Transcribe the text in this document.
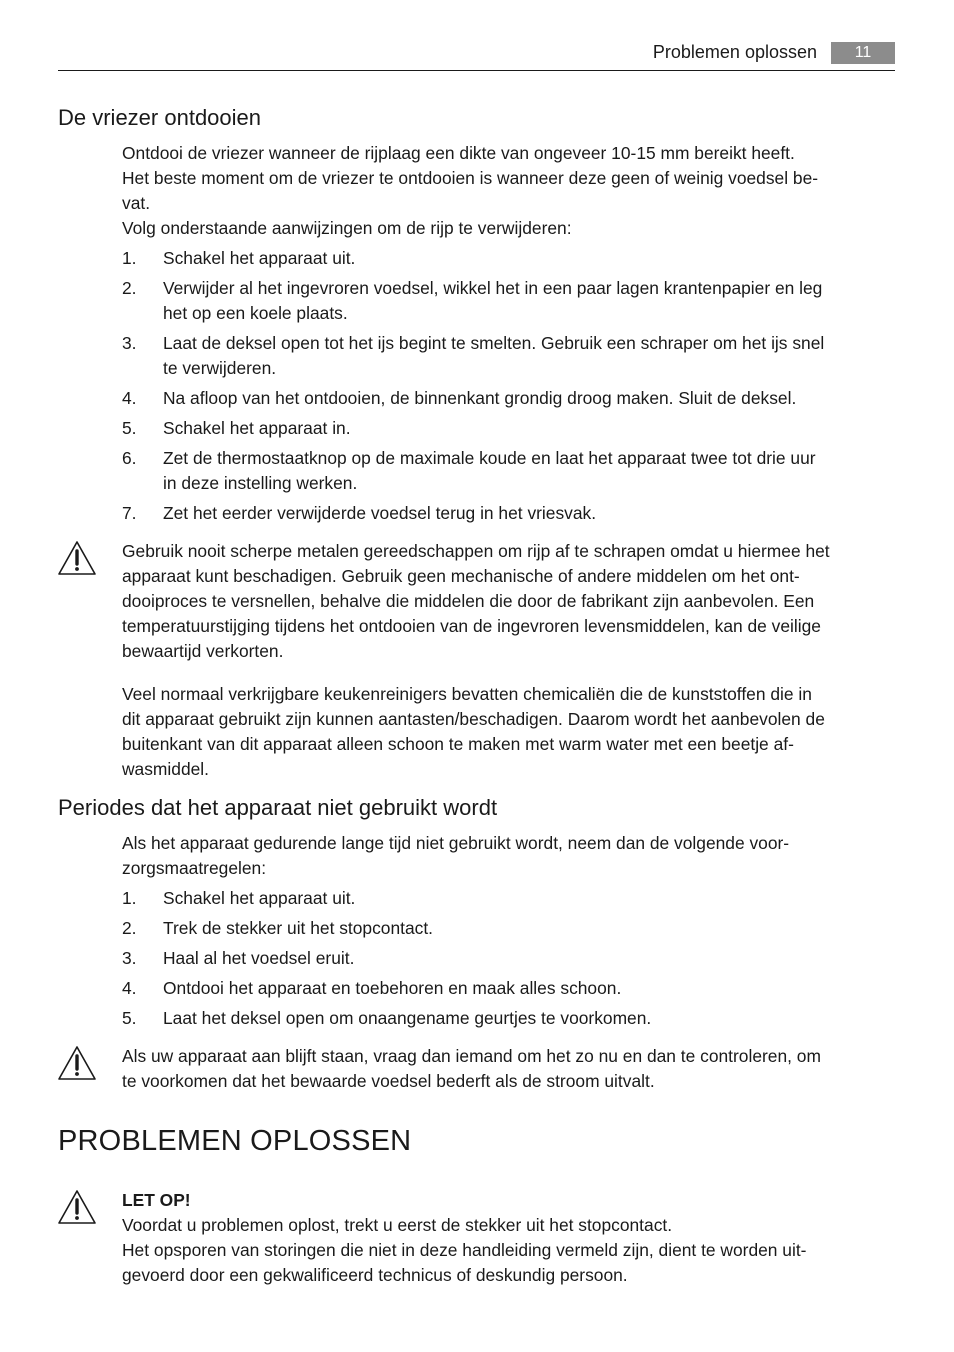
Problemen oplossen	11
De vriezer ontdooien

Ontdooi de vriezer wanneer de rijplaag een dikte van ongeveer 10-15 mm bereikt heeft.

Het beste moment om de vriezer te ontdooien is wanneer deze geen of weinig voedsel be-

vat.

Volg onderstaande aanwijzingen om de rijp te verwijderen:

1.	Schakel het apparaat uit.
2.	Verwijder al het ingevroren voedsel, wikkel het in een paar lagen krantenpapier en leg
het op een koele plaats.
3.	Laat de deksel open tot het ijs begint te smelten. Gebruik een schraper om het ijs snel
te verwijderen.
4.	Na afloop van het ontdooien, de binnenkant grondig droog maken. Sluit de deksel.
5.	Schakel het apparaat in.
6.	Zet de thermostaatknop op de maximale koude en laat het apparaat twee tot drie uur
in deze instelling werken.
7.	Zet het eerder verwijderde voedsel terug in het vriesvak.

Gebruik nooit scherpe metalen gereedschappen om rijp af te schrapen omdat u hiermee het

apparaat kunt beschadigen. Gebruik geen mechanische of andere middelen om het ont-

dooiproces te versnellen, behalve die middelen die door de fabrikant zijn aanbevolen. Een

temperatuurstijging tijdens het ontdooien van de ingevroren levensmiddelen, kan de veilige

bewaartijd verkorten.

Veel normaal verkrijgbare keukenreinigers bevatten chemicaliën die de kunststoffen die in

dit apparaat gebruikt zijn kunnen aantasten/beschadigen. Daarom wordt het aanbevolen de

buitenkant van dit apparaat alleen schoon te maken met warm water met een beetje af-

wasmiddel.

Periodes dat het apparaat niet gebruikt wordt

Als het apparaat gedurende lange tijd niet gebruikt wordt, neem dan de volgende voor-

zorgsmaatregelen:

1.	Schakel het apparaat uit.
2.	Trek de stekker uit het stopcontact.
3.	Haal al het voedsel eruit.
4.	Ontdooi het apparaat en toebehoren en maak alles schoon.
5.	Laat het deksel open om onaangename geurtjes te voorkomen.

Als uw apparaat aan blijft staan, vraag dan iemand om het zo nu en dan te controleren, om

te voorkomen dat het bewaarde voedsel bederft als de stroom uitvalt.

PROBLEMEN OPLOSSEN

LET OP!

Voordat u problemen oplost, trekt u eerst de stekker uit het stopcontact.

Het opsporen van storingen die niet in deze handleiding vermeld zijn, dient te worden uit-

gevoerd door een gekwalificeerd technicus of deskundig persoon.
